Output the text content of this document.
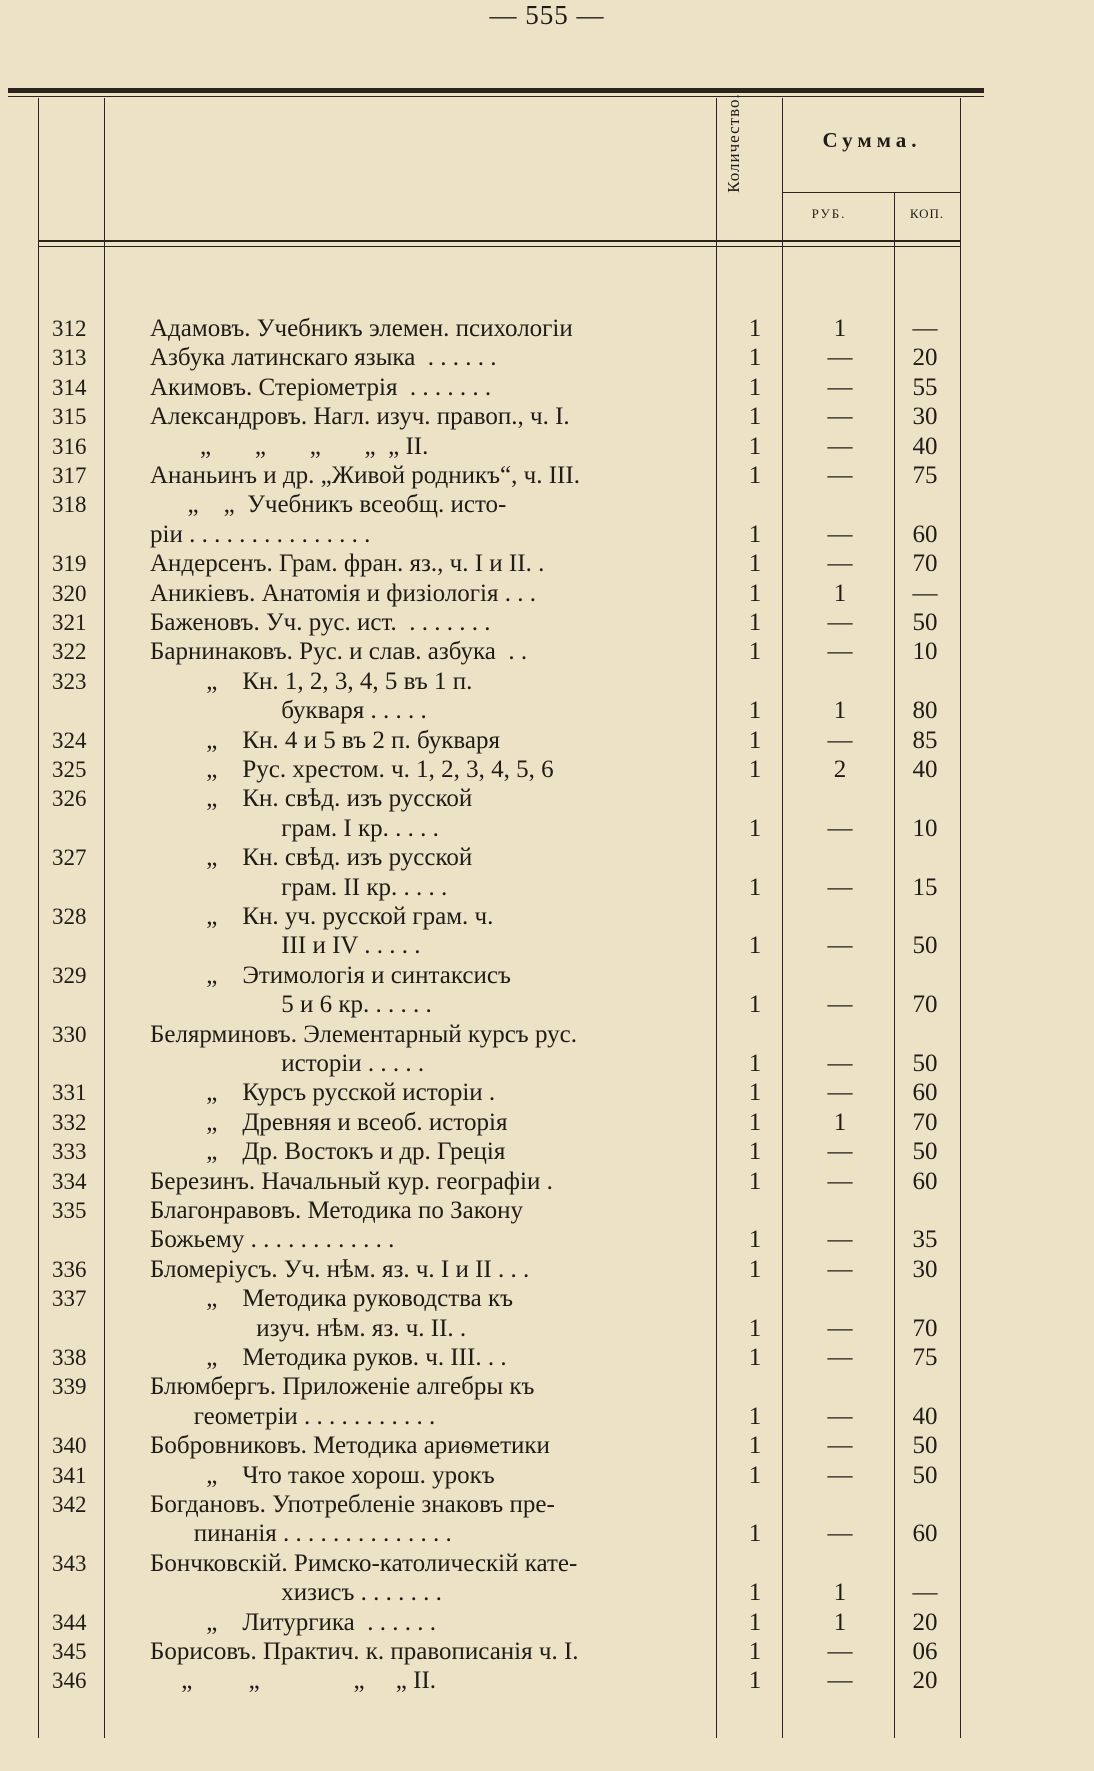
— 555 —
Количество.	Сумма.
РУБ.	КОП.
312	Адамовъ. Учебникъ элемен. психологіи	1	1	—
313	Азбука латинскаго языка  . . . . . .	1	—	20
314	Акимовъ. Стеріометрія  . . . . . . .	1	—	55
315	Александровъ. Нагл. изуч. правоп., ч. I.	1	—	30
316	„       „       „       „  „ II.	1	—	40
317	Ананьинъ и др. „Живой родникъ“, ч. III.	1	—	75
318	„    „  Учебникъ всеобщ. исто-
ріи . . . . . . . . . . . . . . .	1	—	60
319	Андерсенъ. Грам. фран. яз., ч. I и II. .	1	—	70
320	Аникіевъ. Анатомія и физіологія . . .	1	1	—
321	Баженовъ. Уч. рус. ист.  . . . . . . .	1	—	50
322	Барнинаковъ. Рус. и слав. азбука  . .	1	—	10
323	„    Кн. 1, 2, 3, 4, 5 въ 1 п.
букваря . . . . .	1	1	80
324	„    Кн. 4 и 5 въ 2 п. букваря	1	—	85
325	„    Рус. хрестом. ч. 1, 2, 3, 4, 5, 6	1	2	40
326	„    Кн. свѣд. изъ русской
грам. I кр. . . . .	1	—	10
327	„    Кн. свѣд. изъ русской
грам. II кр. . . . .	1	—	15
328	„    Кн. уч. русской грам. ч.
III и IV . . . . .	1	—	50
329	„    Этимологія и синтаксисъ
5 и 6 кр. . . . . .	1	—	70
330	Белярминовъ. Элементарный курсъ рус.
исторіи . . . . .	1	—	50
331	„    Курсъ русской исторіи .	1	—	60
332	„    Древняя и всеоб. исторія	1	1	70
333	„    Др. Востокъ и др. Греція	1	—	50
334	Березинъ. Начальный кур. географіи .	1	—	60
335	Благонравовъ. Методика по Закону
Божьему . . . . . . . . . . . .	1	—	35
336	Бломеріусъ. Уч. нѣм. яз. ч. I и II . . .	1	—	30
337	„    Методика руководства къ
изуч. нѣм. яз. ч. II. .	1	—	70
338	„    Методика руков. ч. III. . .	1	—	75
339	Блюмбергъ. Приложеніе алгебры къ
геометріи . . . . . . . . . . .	1	—	40
340	Бобровниковъ. Методика ариѳметики	1	—	50
341	„    Что такое хорош. урокъ	1	—	50
342	Богдановъ. Употребленіе знаковъ пре-
пинанія . . . . . . . . . . . . . .	1	—	60
343	Бончковскій. Римско-католическій кате-
хизисъ . . . . . . .	1	1	—
344	„    Литургика  . . . . . .	1	1	20
345	Борисовъ. Практич. к. правописанія ч. I.	1	—	06
346	„         „               „     „ II.	1	—	20
